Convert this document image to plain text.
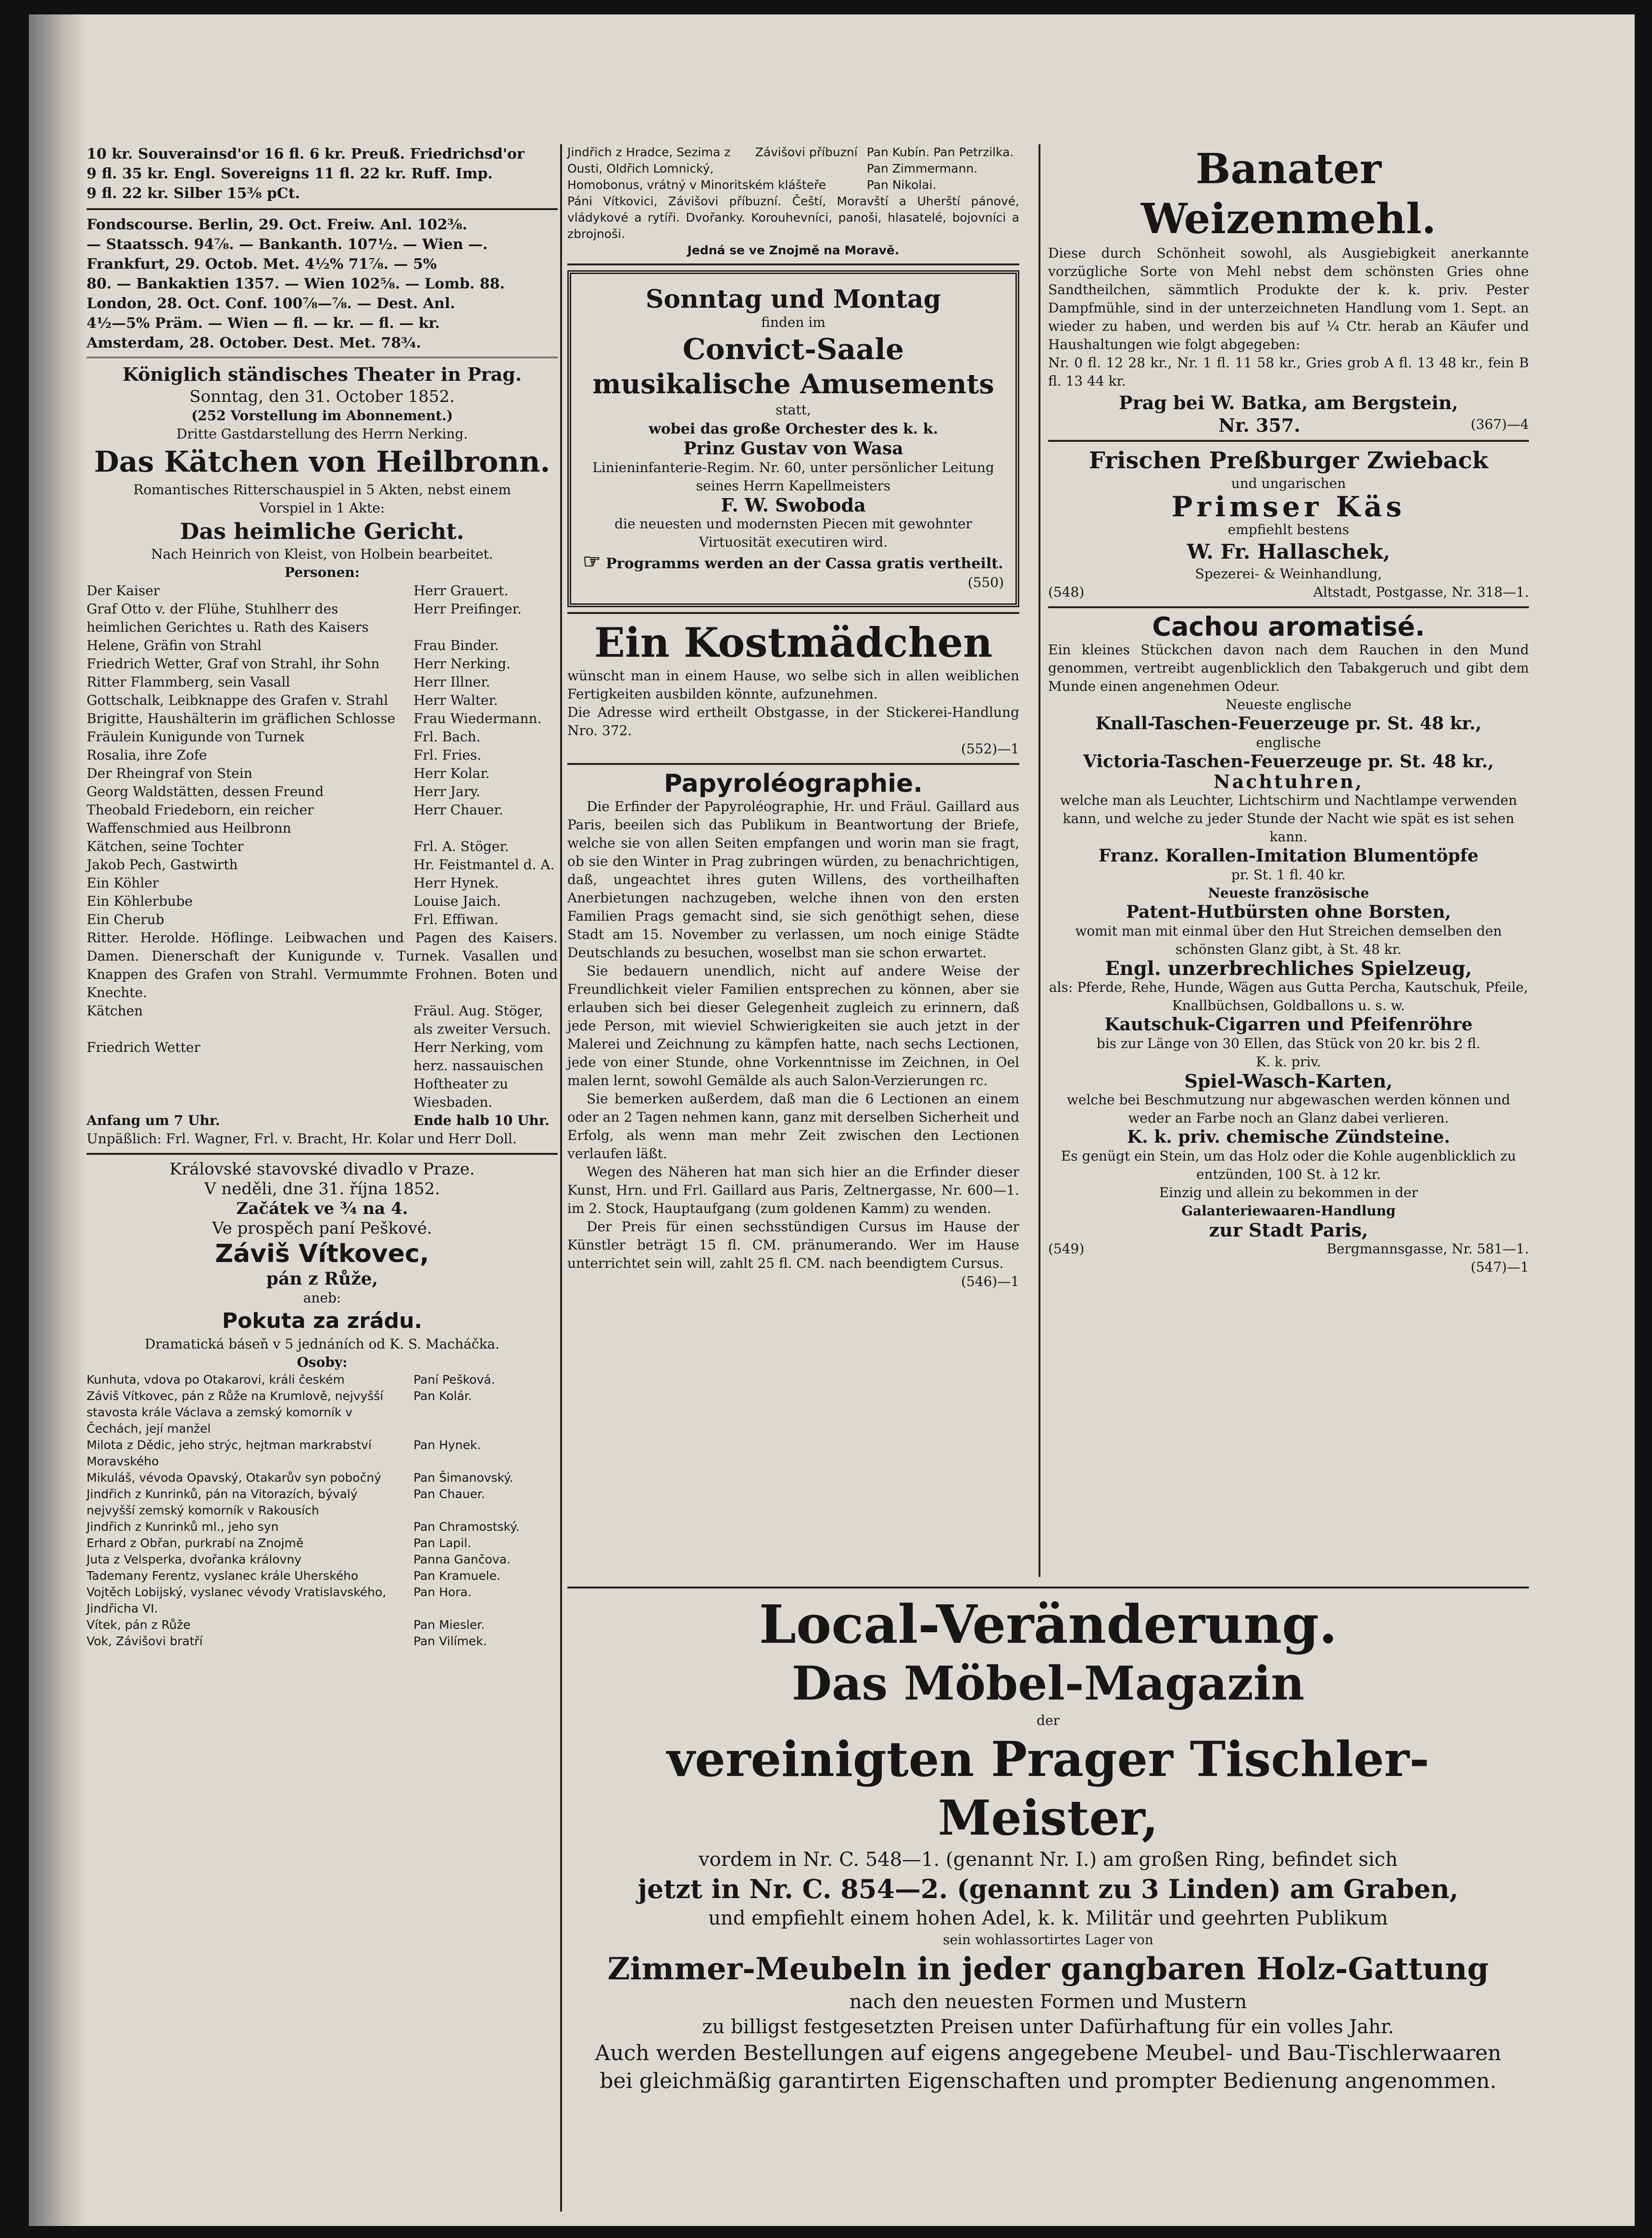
10 kr. Souverainsd'or 16 fl. 6 kr. Preuß. Friedrichsd'or

9 fl. 35 kr. Engl. Sovereigns 11 fl. 22 kr. Ruff. Imp.

9 fl. 22 kr. Silber 15⅜ pCt.

Fondscourse. Berlin, 29. Oct. Freiw. Anl. 102⅜.

— Staatssch. 94⅞. — Bankanth. 107½. — Wien —.

Frankfurt, 29. Octob. Met. 4½% 71⅞. — 5%

80. — Bankaktien 1357. — Wien 102⅝. — Lomb. 88.

London, 28. Oct. Conf. 100⅞—⅞. — Dest. Anl.

4½—5% Präm. — Wien — fl. — kr. — fl. — kr.

Amsterdam, 28. October. Dest. Met. 78¾.

Königlich ständisches Theater in Prag.

Sonntag, den 31. October 1852.

(252 Vorstellung im Abonnement.)

Dritte Gastdarstellung des Herrn Nerking.

Das Kätchen von Heilbronn.

Romantisches Ritterschauspiel in 5 Akten, nebst einem

Vorspiel in 1 Akte:

Das heimliche Gericht.

Nach Heinrich von Kleist, von Holbein bearbeitet.

Personen:

Der Kaiser	Herr Grauert.
Graf Otto v. der Flühe, Stuhlherr des heimlichen Gerichtes u. Rath des Kaisers
Herr Preifinger.
Helene, Gräfin von Strahl	Frau Binder.
Friedrich Wetter, Graf von Strahl, ihr Sohn	Herr Nerking.
Ritter Flammberg, sein Vasall	Herr Illner.
Gottschalk, Leibknappe des Grafen v. Strahl	Herr Walter.
Brigitte, Haushälterin im gräflichen Schlosse	Frau Wiedermann.
Fräulein Kunigunde von Turnek	Frl. Bach.
Rosalia, ihre Zofe	Frl. Fries.
Der Rheingraf von Stein	Herr Kolar.
Georg Waldstätten, dessen Freund	Herr Jary.
Theobald Friedeborn, ein reicher Waffenschmied aus Heilbronn
Herr Chauer.
Kätchen, seine Tochter	Frl. A. Stöger.
Jakob Pech, Gastwirth	Hr. Feistmantel d. A.
Ein Köhler	Herr Hynek.
Ein Köhlerbube	Louise Jaich.
Ein Cherub	Frl. Effiwan.

Ritter. Herolde. Höflinge. Leibwachen und Pagen des Kaisers. Damen. Dienerschaft der Kunigunde v. Turnek. Vasallen und Knappen des Grafen von Strahl. Vermummte Frohnen. Boten und Knechte.

Kätchen	Fräul. Aug. Stöger, als zweiter Versuch.
Friedrich Wetter	Herr Nerking, vom herz. nassauischen Hoftheater zu Wiesbaden.
Anfang um 7 Uhr.	Ende halb 10 Uhr.

Unpäßlich: Frl. Wagner, Frl. v. Bracht, Hr. Kolar und Herr Doll.

Královské stavovské divadlo v Praze.

V neděli, dne 31. října 1852.

Začátek ve ¾ na 4.

Ve prospěch paní Peškové.

Záviš Vítkovec,

pán z Růže,

aneb:

Pokuta za zrádu.

Dramatická báseň v 5 jednáních od K. S. Macháčka.

Osoby:

Kunhuta, vdova po Otakarovi, králi českém	Paní Pešková.
Záviš Vítkovec, pán z Růže na Krumlově, nejvyšší stavosta krále Václava a zemský komorník v Čechách, její manžel
Pan Kolár.
Milota z Dědic, jeho strýc, hejtman markrabství Moravského
Pan Hynek.
Mikuláš, vévoda Opavský, Otakarův syn pobočný	Pan Šimanovský.
Jindřich z Kunrinků, pán na Vitorazích, bývalý nejvyšší zemský komorník v Rakousích
Pan Chauer.
Jindřich z Kunrinků ml., jeho syn	Pan Chramostský.
Erhard z Obřan, purkrabí na Znojmě	Pan Lapil.
Juta z Velsperka, dvořanka královny	Panna Gančova.
Tademany Ferentz, vyslanec krále Uherského	Pan Kramuele.
Vojtěch Lobijský, vyslanec vévody Vratislavského, Jindřicha VI.
Pan Hora.
Vítek, pán z Růže	Pan Miesler.
Vok, Závišovi bratří	Pan Vilímek.
Jindřich z Hradce, Sezima z Ousti, Oldřich Lomnický,
Závišovi příbuzní Pan Kubín. Pan Petrzilka. Pan Zimmermann.
Homobonus, vrátný v Minoritském klášteře	Pan Nikolai.

Páni Vítkovici, Závišovi příbuzní. Čeští, Moravští a Uherští pánové, vládykové a rytíři. Dvořanky. Korouhevníci, panoši, hlasatelé, bojovníci a zbrojnoši.

Jedná se ve Znojmě na Moravě.

Sonntag und Montag

finden im

Convict-Saale

musikalische Amusements

statt,

wobei das große Orchester des k. k.

Prinz Gustav von Wasa

Linieninfanterie-Regim. Nr. 60, unter persönlicher Leitung seines Herrn Kapellmeisters

F. W. Swoboda

die neuesten und modernsten Piecen mit gewohnter Virtuosität executiren wird.

☞ Programms werden an der Cassa gratis vertheilt.

(550)

Ein Kostmädchen

wünscht man in einem Hause, wo selbe sich in allen weiblichen Fertigkeiten ausbilden könnte, aufzunehmen.

Die Adresse wird ertheilt Obstgasse, in der Stickerei-Handlung Nro. 372.

(552)—1

Papyroléographie.

Die Erfinder der Papyroléographie, Hr. und Fräul. Gaillard aus Paris, beeilen sich das Publikum in Beantwortung der Briefe, welche sie von allen Seiten empfangen und worin man sie fragt, ob sie den Winter in Prag zubringen würden, zu benachrichtigen, daß, ungeachtet ihres guten Willens, des vortheilhaften Anerbietungen nachzugeben, welche ihnen von den ersten Familien Prags gemacht sind, sie sich genöthigt sehen, diese Stadt am 15. November zu verlassen, um noch einige Städte Deutschlands zu besuchen, woselbst man sie schon erwartet.

Sie bedauern unendlich, nicht auf andere Weise der Freundlichkeit vieler Familien entsprechen zu können, aber sie erlauben sich bei dieser Gelegenheit zugleich zu erinnern, daß jede Person, mit wieviel Schwierigkeiten sie auch jetzt in der Malerei und Zeichnung zu kämpfen hatte, nach sechs Lectionen, jede von einer Stunde, ohne Vorkenntnisse im Zeichnen, in Oel malen lernt, sowohl Gemälde als auch Salon-Verzierungen rc.

Sie bemerken außerdem, daß man die 6 Lectionen an einem oder an 2 Tagen nehmen kann, ganz mit derselben Sicherheit und Erfolg, als wenn man mehr Zeit zwischen den Lectionen verlaufen läßt.

Wegen des Näheren hat man sich hier an die Erfinder dieser Kunst, Hrn. und Frl. Gaillard aus Paris, Zeltnergasse, Nr. 600—1. im 2. Stock, Hauptaufgang (zum goldenen Kamm) zu wenden.

Der Preis für einen sechsstündigen Cursus im Hause der Künstler beträgt 15 fl. CM. pränumerando. Wer im Hause unterrichtet sein will, zahlt 25 fl. CM. nach beendigtem Cursus.

(546)—1

Banater Weizenmehl.

Diese durch Schönheit sowohl, als Ausgiebigkeit anerkannte vorzügliche Sorte von Mehl nebst dem schönsten Gries ohne Sandtheilchen, sämmtlich Produkte der k. k. priv. Pester Dampfmühle, sind in der unterzeichneten Handlung vom 1. Sept. an wieder zu haben, und werden bis auf ¼ Ctr. herab an Käufer und Haushaltungen wie folgt abgegeben:

Nr. 0 fl. 12 28 kr., Nr. 1 fl. 11 58 kr., Gries grob A fl. 13 48 kr., fein B fl. 13 44 kr.

Prag bei W. Batka, am Bergstein,

Nr. 357.	(367)—4

Frischen Preßburger Zwieback

und ungarischen

Primser Käs

empfiehlt bestens

W. Fr. Hallaschek,

Spezerei- & Weinhandlung,

(548)	Altstadt, Postgasse, Nr. 318—1.

Cachou aromatisé.

Ein kleines Stückchen davon nach dem Rauchen in den Mund genommen, vertreibt augenblicklich den Tabakgeruch und gibt dem Munde einen angenehmen Odeur.

Neueste englische

Knall-Taschen-Feuerzeuge pr. St. 48 kr.,

englische

Victoria-Taschen-Feuerzeuge pr. St. 48 kr.,

Nachtuhren,

welche man als Leuchter, Lichtschirm und Nachtlampe verwenden kann, und welche zu jeder Stunde der Nacht wie spät es ist sehen kann.

Franz. Korallen-Imitation Blumentöpfe

pr. St. 1 fl. 40 kr.

Neueste französische

Patent-Hutbürsten ohne Borsten,

womit man mit einmal über den Hut Streichen demselben den schönsten Glanz gibt, à St. 48 kr.

Engl. unzerbrechliches Spielzeug,

als: Pferde, Rehe, Hunde, Wägen aus Gutta Percha, Kautschuk, Pfeile, Knallbüchsen, Goldballons u. s. w.

Kautschuk-Cigarren und Pfeifenröhre

bis zur Länge von 30 Ellen, das Stück von 20 kr. bis 2 fl.

K. k. priv.

Spiel-Wasch-Karten,

welche bei Beschmutzung nur abgewaschen werden können und weder an Farbe noch an Glanz dabei verlieren.

K. k. priv. chemische Zündsteine.

Es genügt ein Stein, um das Holz oder die Kohle augenblicklich zu entzünden, 100 St. à 12 kr.

Einzig und allein zu bekommen in der

Galanteriewaaren-Handlung

zur Stadt Paris,

(549)	Bergmannsgasse, Nr. 581—1.

(547)—1

Local-Veränderung.

Das Möbel-Magazin

der

vereinigten Prager Tischler-Meister,

vordem in Nr. C. 548—1. (genannt Nr. I.) am großen Ring, befindet sich

jetzt in Nr. C. 854—2. (genannt zu 3 Linden) am Graben,

und empfiehlt einem hohen Adel, k. k. Militär und geehrten Publikum

sein wohlassortirtes Lager von

Zimmer-Meubeln in jeder gangbaren Holz-Gattung

nach den neuesten Formen und Mustern

zu billigst festgesetzten Preisen unter Dafürhaftung für ein volles Jahr.

Auch werden Bestellungen auf eigens angegebene Meubel- und Bau-Tischlerwaaren

bei gleichmäßig garantirten Eigenschaften und prompter Bedienung angenommen.
